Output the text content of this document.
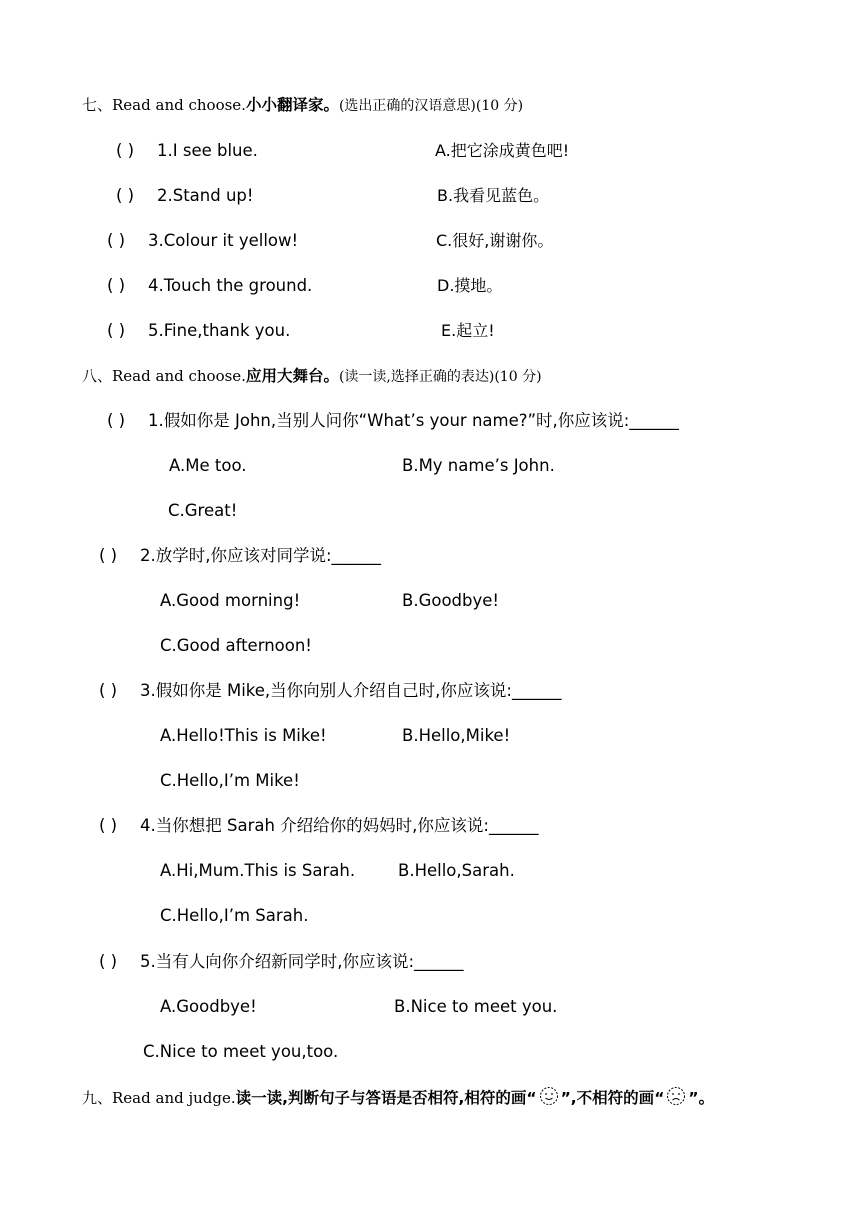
七、Read and choose.小小翻译家。(选出正确的汉语意思)(10 分)
( ) 1.I see blue.	A.把它涂成黄色吧!
( ) 2.Stand up!	B.我看见蓝色。
( ) 3.Colour it yellow!	C.很好,谢谢你。
( ) 4.Touch the ground.	D.摸地。
( ) 5.Fine,thank you.	E.起立!
八、Read and choose.应用大舞台。(读一读,选择正确的表达)(10 分)
( ) 1.假如你是 John,当别人问你“What’s your name?”时,你应该说:______
A.Me too.	B.My name’s John.
C.Great!
( ) 2.放学时,你应该对同学说:______
A.Good morning!	B.Goodbye!
C.Good afternoon!
( ) 3.假如你是 Mike,当你向别人介绍自己时,你应该说:______
A.Hello!This is Mike!	B.Hello,Mike!
C.Hello,I’m Mike!
( ) 4.当你想把 Sarah 介绍给你的妈妈时,你应该说:______
A.Hi,Mum.This is Sarah.	B.Hello,Sarah.
C.Hello,I’m Sarah.
( ) 5.当有人向你介绍新同学时,你应该说:______
A.Goodbye!	B.Nice to meet you.
C.Nice to meet you,too.
九、Read and judge.读一读,判断句子与答语是否相符,相符的画“ ”,不相符的画“ ”。
